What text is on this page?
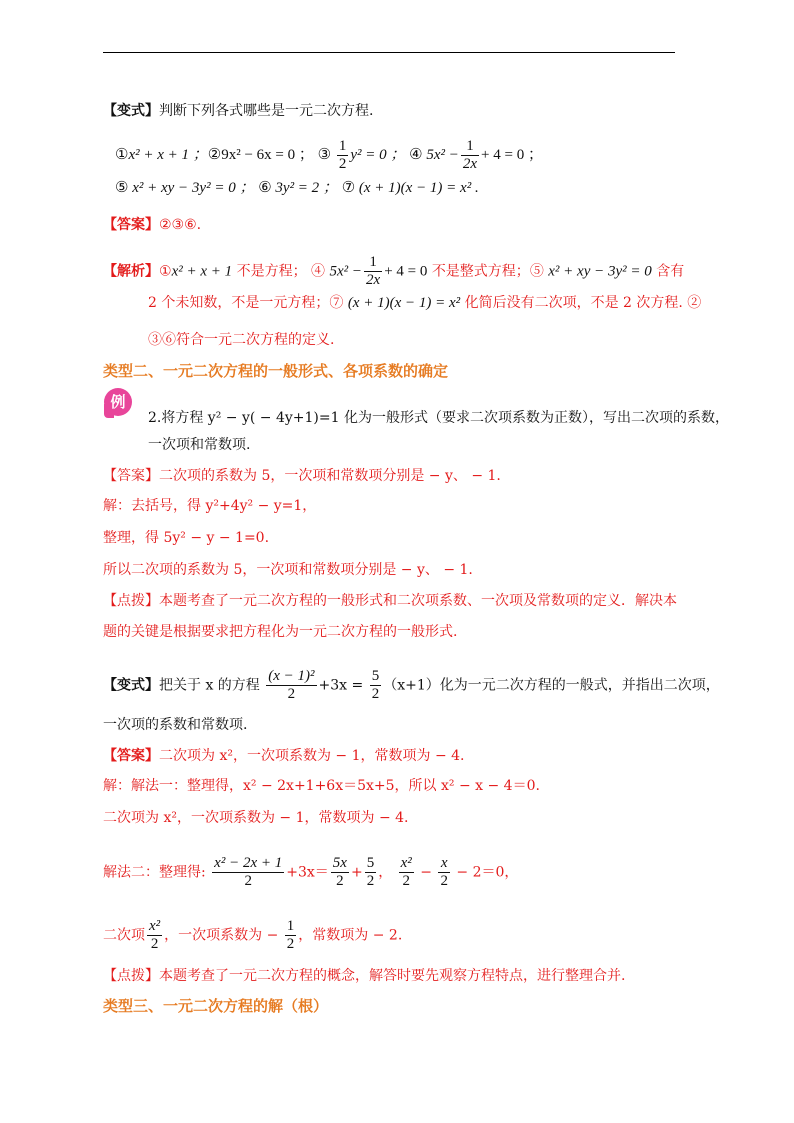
【变式】判断下列各式哪些是一元二次方程.
①x² + x + 1 ；②9x² − 6x = 0 ； ③ $\frac{1}{2} y^2 = 0$ ； ④ $5x^2 - \frac{1}{2x} + 4 = 0$ ；
⑤ x² + xy − 3y² = 0 ； ⑥ 3y² = 2 ； ⑦ (x + 1)(x − 1) = x² .
【答案】②③⑥.
【解析】①x² + x + 1 不是方程； ④ $5x^2 - \frac{1}{2x} + 4 = 0$ 不是整式方程；⑤ x² + xy − 3y² = 0 含有
2 个未知数，不是一元方程；⑦ (x + 1)(x − 1) = x² 化简后没有二次项，不是 2 次方程. ②
③⑥符合一元二次方程的定义.
类型二、一元二次方程的一般形式、各项系数的确定
例
2.将方程 y² − y( − 4y+1)=1 化为一般形式（要求二次项系数为正数），写出二次项的系数，
一次项和常数项.
【答案】二次项的系数为 5，一次项和常数项分别是 − y、 − 1.
解：去括号，得 y²+4y² − y=1，
整理，得 5y² − y − 1=0.
所以二次项的系数为 5，一次项和常数项分别是 − y、 − 1.
【点拨】本题考查了一元二次方程的一般形式和二次项系数、一次项及常数项的定义．解决本
题的关键是根据要求把方程化为一元二次方程的一般形式.
【变式】把关于 x 的方程 $\frac{\text{(x − 1)²}}{2} +3x = \frac{5}{2} (x+1)$化为一元二次方程的一般式，并指出二次项，
一次项的系数和常数项.
【答案】二次项为 x²，一次项系数为 − 1，常数项为 − 4.
解：解法一：整理得，x² − 2x+1+6x＝5x+5，所以 x² − x − 4＝0.
二次项为 x²，一次项系数为 − 1，常数项为 − 4.
解法二：整理得: $\frac{\text{x² − 2x + 1}}{2} +3x= \frac{5x}{2} + \frac{5}{2}$ ， $\frac{\text{x²}}{2} - \frac{x}{2} - 2=0$，
二次项 $\frac{\text{x²}}{2}$ ，一次项系数为 − $\frac{1}{2}$ ，常数项为 − 2.
【点拨】本题考查了一元二次方程的概念，解答时要先观察方程特点，进行整理合并.
类型三、一元二次方程的解（根）
